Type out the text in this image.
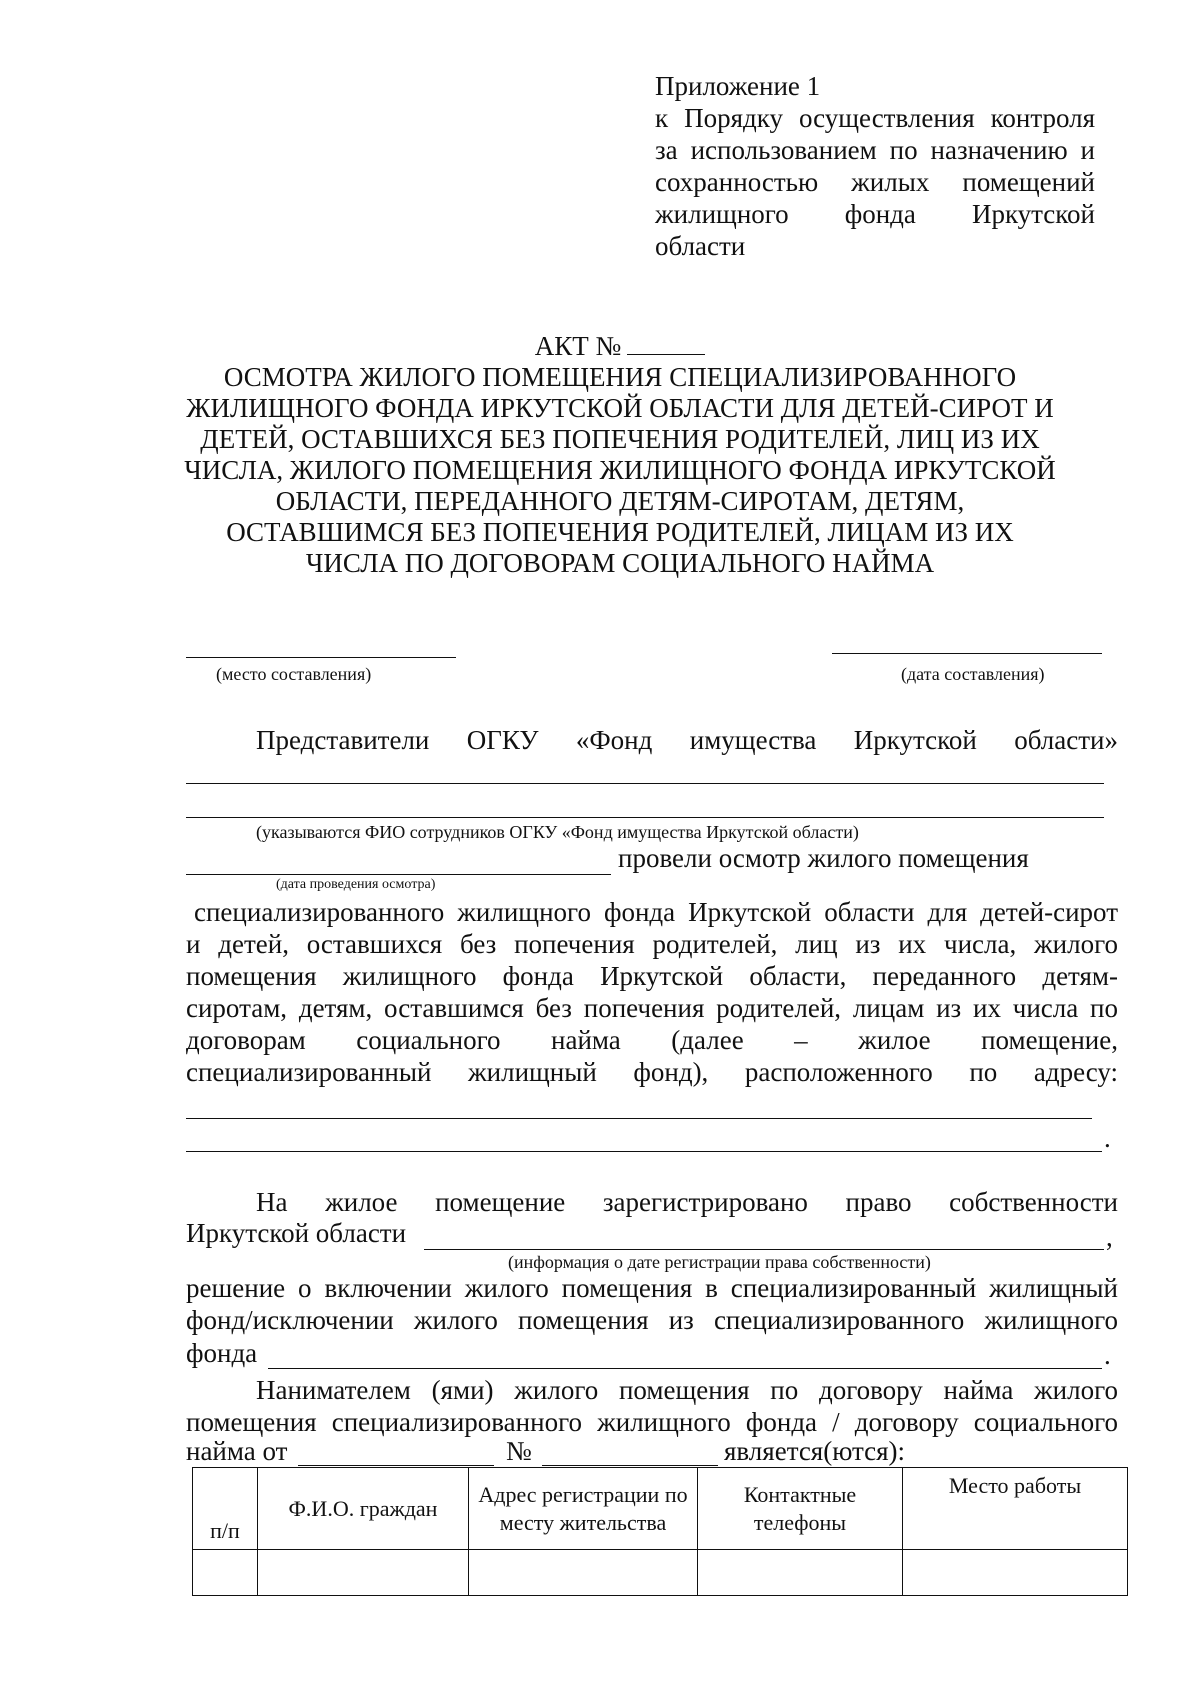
Приложение 1
к Порядку осуществления контроля
за использованием по назначению и
сохранностью жилых помещений
жилищного фонда Иркутской
области
АКТ №
ОСМОТРА ЖИЛОГО ПОМЕЩЕНИЯ СПЕЦИАЛИЗИРОВАННОГО
ЖИЛИЩНОГО ФОНДА ИРКУТСКОЙ ОБЛАСТИ ДЛЯ ДЕТЕЙ-СИРОТ И
ДЕТЕЙ, ОСТАВШИХСЯ БЕЗ ПОПЕЧЕНИЯ РОДИТЕЛЕЙ, ЛИЦ ИЗ ИХ
ЧИСЛА, ЖИЛОГО ПОМЕЩЕНИЯ ЖИЛИЩНОГО ФОНДА ИРКУТСКОЙ
ОБЛАСТИ, ПЕРЕДАННОГО ДЕТЯМ-СИРОТАМ, ДЕТЯМ,
ОСТАВШИМСЯ БЕЗ ПОПЕЧЕНИЯ РОДИТЕЛЕЙ, ЛИЦАМ ИЗ ИХ
ЧИСЛА ПО ДОГОВОРАМ СОЦИАЛЬНОГО НАЙМА
(место составления)	(дата составления)
Представители ОГКУ «Фонд имущества Иркутской области»
(указываются ФИО сотрудников ОГКУ «Фонд имущества Иркутской области)
провели осмотр жилого помещения
(дата проведения осмотра)
специализированного жилищного фонда Иркутской области для детей-сирот
и детей, оставшихся без попечения родителей, лиц из их числа, жилого
помещения жилищного фонда Иркутской области, переданного детям-
сиротам, детям, оставшимся без попечения родителей, лицам из их числа по
договорам социального найма (далее – жилое помещение,
специализированный жилищный фонд), расположенного по адресу:
.
На жилое помещение зарегистрировано право собственности
Иркутской области	,
(информация о дате регистрации права собственности)
решение о включении жилого помещения в специализированный жилищный
фонд/исключении жилого помещения из специализированного жилищного
фонда	.
Нанимателем (ями) жилого помещения по договору найма жилого
помещения специализированного жилищного фонда / договору социального
найма от	№	является(ются):
п/п	Ф.И.О. граждан	Адрес регистрации по месту жительства	Контактные телефоны	Место работы
